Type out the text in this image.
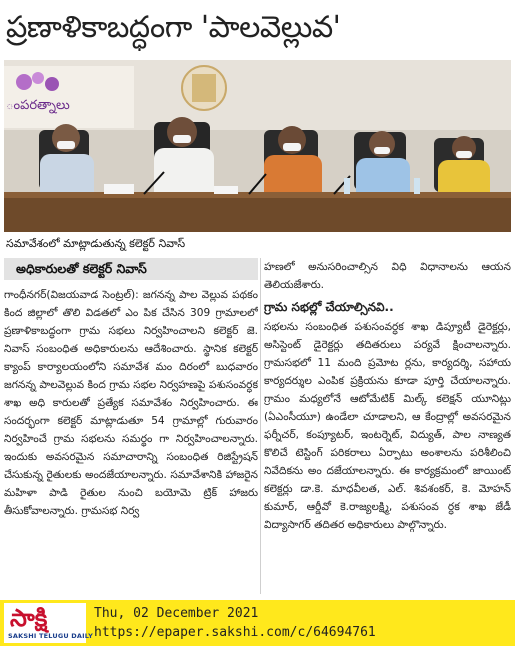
ప్రణాళికాబద్ధంగా 'పాలవెల్లువ'
ంపరత్నాలు
సమావేశంలో మాట్లాడుతున్న కలెక్టర్ నివాస్
అధికారులతో కలెక్టర్ నివాస్

గాంధీనగర్(విజయవాడ సెంట్రల్): జగనన్న పాల వెల్లువ పథకం కింద జిల్లాలో తొలి విడతలో ఎం పిక చేసిన 309 గ్రామాలలో ప్రణాళికాబద్ధంగా గ్రామ సభలు నిర్వహించాలని కలెక్టర్ జె. నివాస్ సంబంధిత అధికారులను ఆదేశించారు. స్థానిక కలెక్టర్ క్యాంప్ కార్యాలయంలోని సమావేశ మం దిరంలో బుధవారం జగనన్న పాలవెల్లువ కింద గ్రామ సభల నిర్వహణపై పశుసంవర్ధక శాఖ అధి కారులతో ప్రత్యేక సమావేశం నిర్వహించారు. ఈ సందర్భంగా కలెక్టర్ మాట్లాడుతూ 54 గ్రామాల్లో గురువారం నిర్వహించే గ్రామ సభలను సమర్థం గా నిర్వహించాలన్నారు. ఇందుకు అవసరమైన సమాచారాన్ని సంబంధిత రిజిస్ట్రేషన్ చేసుకున్న రైతులకు అందజేయాలన్నారు. సమావేశానికి హాజరైన మహిళా పాడి రైతుల నుంచి బయోమె ట్రిక్ హాజరు తీసుకోవాలన్నారు. గ్రామసభ నిర్వ

హణలో అనుసరించాల్సిన విధి విధానాలను ఆయన తెలియజేశారు.

గ్రామ సభల్లో చేయాల్సినవి..

సభలను సంబంధిత పశుసంవర్ధక శాఖ డిప్యూటీ డైరెక్టర్లు, అసిస్టెంట్ డైరెక్టర్లు తదితరులు పర్యవే క్షించాలన్నారు. గ్రామసభలో 11 మంది ప్రమోట ర్లను, కార్యదర్శి, సహాయ కార్యదర్శుల ఎంపిక ప్రక్రియను కూడా పూర్తి చేయాలన్నారు. గ్రామం మధ్యలోనే ఆటోమేటిక్ మిల్క్ కలెక్షన్ యూనిట్లు (ఏఎంసీయూ) ఉండేలా చూడాలని, ఆ కేంద్రాల్లో అవసరమైన ఫర్నీచర్, కంప్యూటర్, ఇంటర్నెట్, విద్యుత్, పాల నాణ్యత కొలిచే టెస్టింగ్ పరికరాలు ఏర్పాటు అంశాలను పరిశీలించి నివేదికను అం దజేయాలన్నారు. ఈ కార్యక్రమంలో జాయింట్ కలెక్టర్లు డా.కె. మాధవీలత, ఎల్. శివశంకర్, కె. మోహన్ కుమార్, ఆర్డీవో కె.రాజ్యలక్ష్మి, పశుసంవ ర్ధక శాఖ జేడీ విద్యాసాగర్ తదితర అధికారులు పాల్గొన్నారు.

సాక్షి
SAKSHI TELUGU DAILY
Thu, 02 December 2021
https://epaper.sakshi.com/c/64694761
